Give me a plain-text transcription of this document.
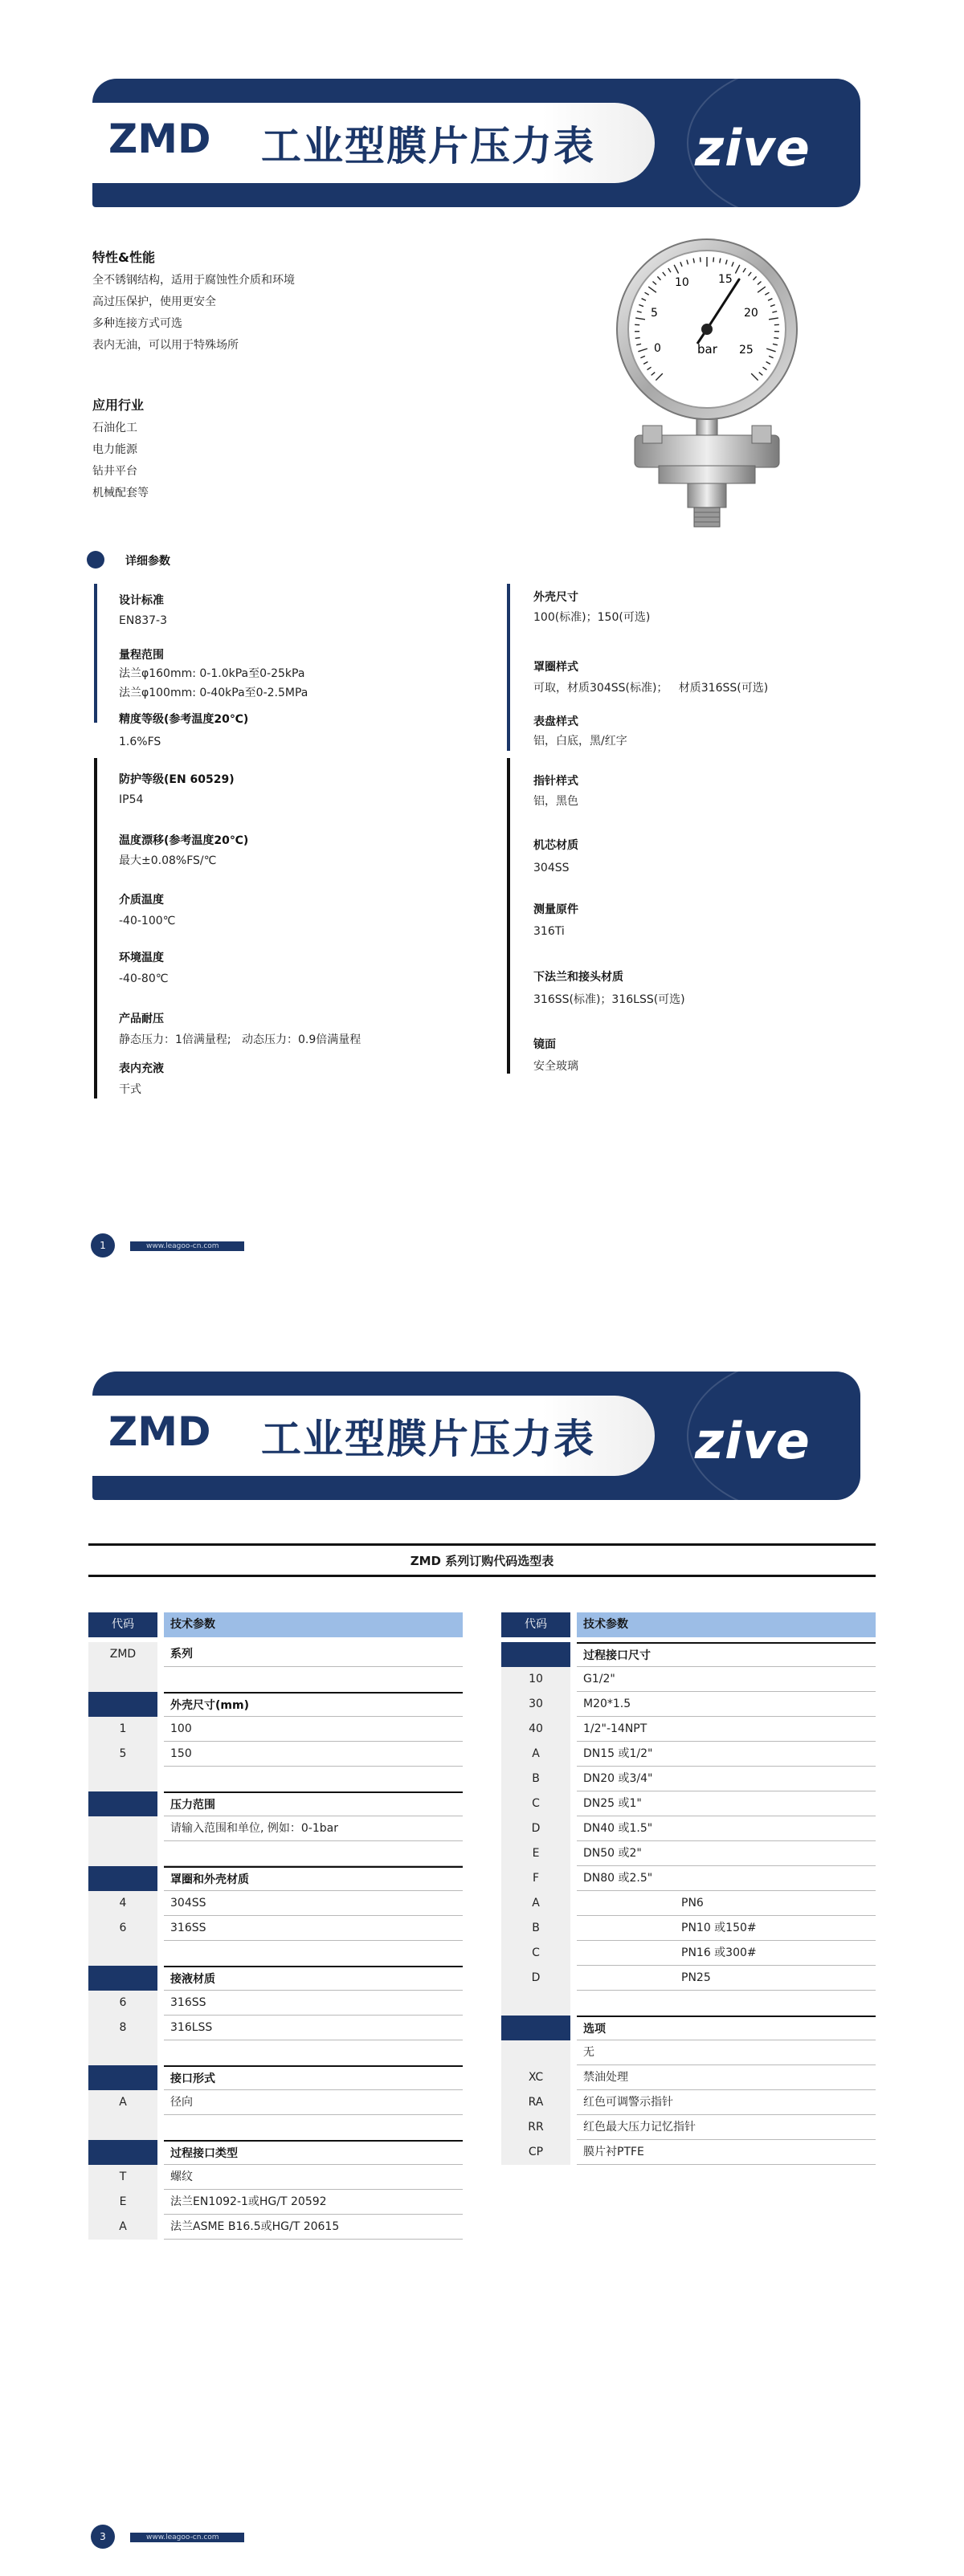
ZMD 工业型膜片压力表 zive
特性&性能
全不锈钢结构，适用于腐蚀性介质和环境
高过压保护，使用更安全
多种连接方式可选
表内无油，可以用于特殊场所
应用行业
石油化工
电力能源
钻井平台
机械配套等
0
5
10	15
20
25
bar
详细参数
设计标准
EN837-3
量程范围
法兰φ160mm: 0-1.0kPa至0-25kPa
法兰φ100mm: 0-40kPa至0-2.5MPa
精度等级(参考温度20℃)
1.6%FS
防护等级(EN 60529)
IP54
温度漂移(参考温度20℃)
最大±0.08%FS/℃
介质温度
-40-100℃
环境温度
-40-80℃
产品耐压
静态压力：1倍满量程;   动态压力：0.9倍满量程
表内充液
干式
外壳尺寸
100(标准)；150(可选)
罩圈样式
可取，材质304SS(标准)；   材质316SS(可选)
表盘样式
铝，白底，黑/红字
指针样式
铝，黑色
机芯材质
304SS
测量原件
316Ti
下法兰和接头材质
316SS(标准)；316LSS(可选)
镜面
安全玻璃
1	www.leagoo-cn.com
ZMD 工业型膜片压力表 zive
ZMD 系列订购代码选型表
代码	技术参数
ZMD	系列
外壳尺寸(mm)
1	100
5	150
压力范围
请输入范围和单位, 例如：0-1bar
罩圈和外壳材质
4	304SS
6	316SS
接液材质
6	316SS
8	316LSS
接口形式
A	径向
过程接口类型
T	螺纹
E	法兰EN1092-1或HG/T 20592
A	法兰ASME B16.5或HG/T 20615
代码	技术参数
过程接口尺寸
10	G1/2"
30	M20*1.5
40	1/2"-14NPT
A	DN15 或1/2"
B	DN20 或3/4"
C	DN25 或1"
D	DN40 或1.5"
E	DN50 或2"
F	DN80 或2.5"
A	PN6
B	PN10 或150#
C	PN16 或300#
D	PN25
选项
无
XC	禁油处理
RA	红色可调警示指针
RR	红色最大压力记忆指针
CP	膜片衬PTFE
3	www.leagoo-cn.com
